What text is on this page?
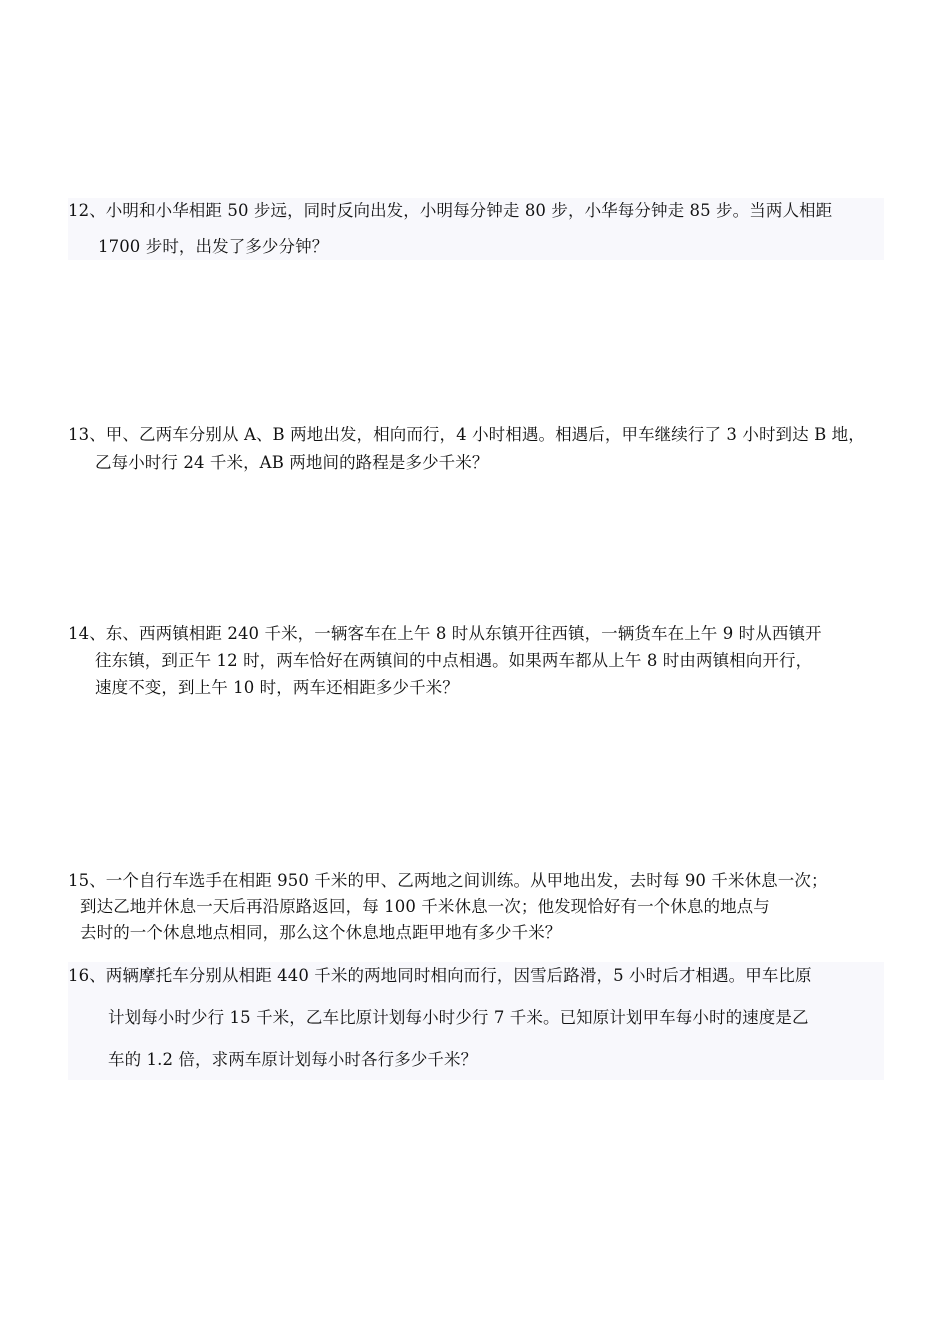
12、小明和小华相距 50 步远，同时反向出发，小明每分钟走 80 步，小华每分钟走 85 步。当两人相距
1700 步时，出发了多少分钟？
13、甲、乙两车分别从 A、B 两地出发，相向而行，4 小时相遇。相遇后，甲车继续行了 3 小时到达 B 地，
乙每小时行 24 千米，AB 两地间的路程是多少千米？
14、东、西两镇相距 240 千米，一辆客车在上午 8 时从东镇开往西镇，一辆货车在上午 9 时从西镇开
往东镇，到正午 12 时，两车恰好在两镇间的中点相遇。如果两车都从上午 8 时由两镇相向开行，
速度不变，到上午 10 时，两车还相距多少千米？
15、一个自行车选手在相距 950 千米的甲、乙两地之间训练。从甲地出发，去时每 90 千米休息一次；
到达乙地并休息一天后再沿原路返回，每 100 千米休息一次；他发现恰好有一个休息的地点与
去时的一个休息地点相同，那么这个休息地点距甲地有多少千米？
16、两辆摩托车分别从相距 440 千米的两地同时相向而行，因雪后路滑，5 小时后才相遇。甲车比原
计划每小时少行 15 千米，乙车比原计划每小时少行 7 千米。已知原计划甲车每小时的速度是乙
车的 1.2 倍，求两车原计划每小时各行多少千米？
